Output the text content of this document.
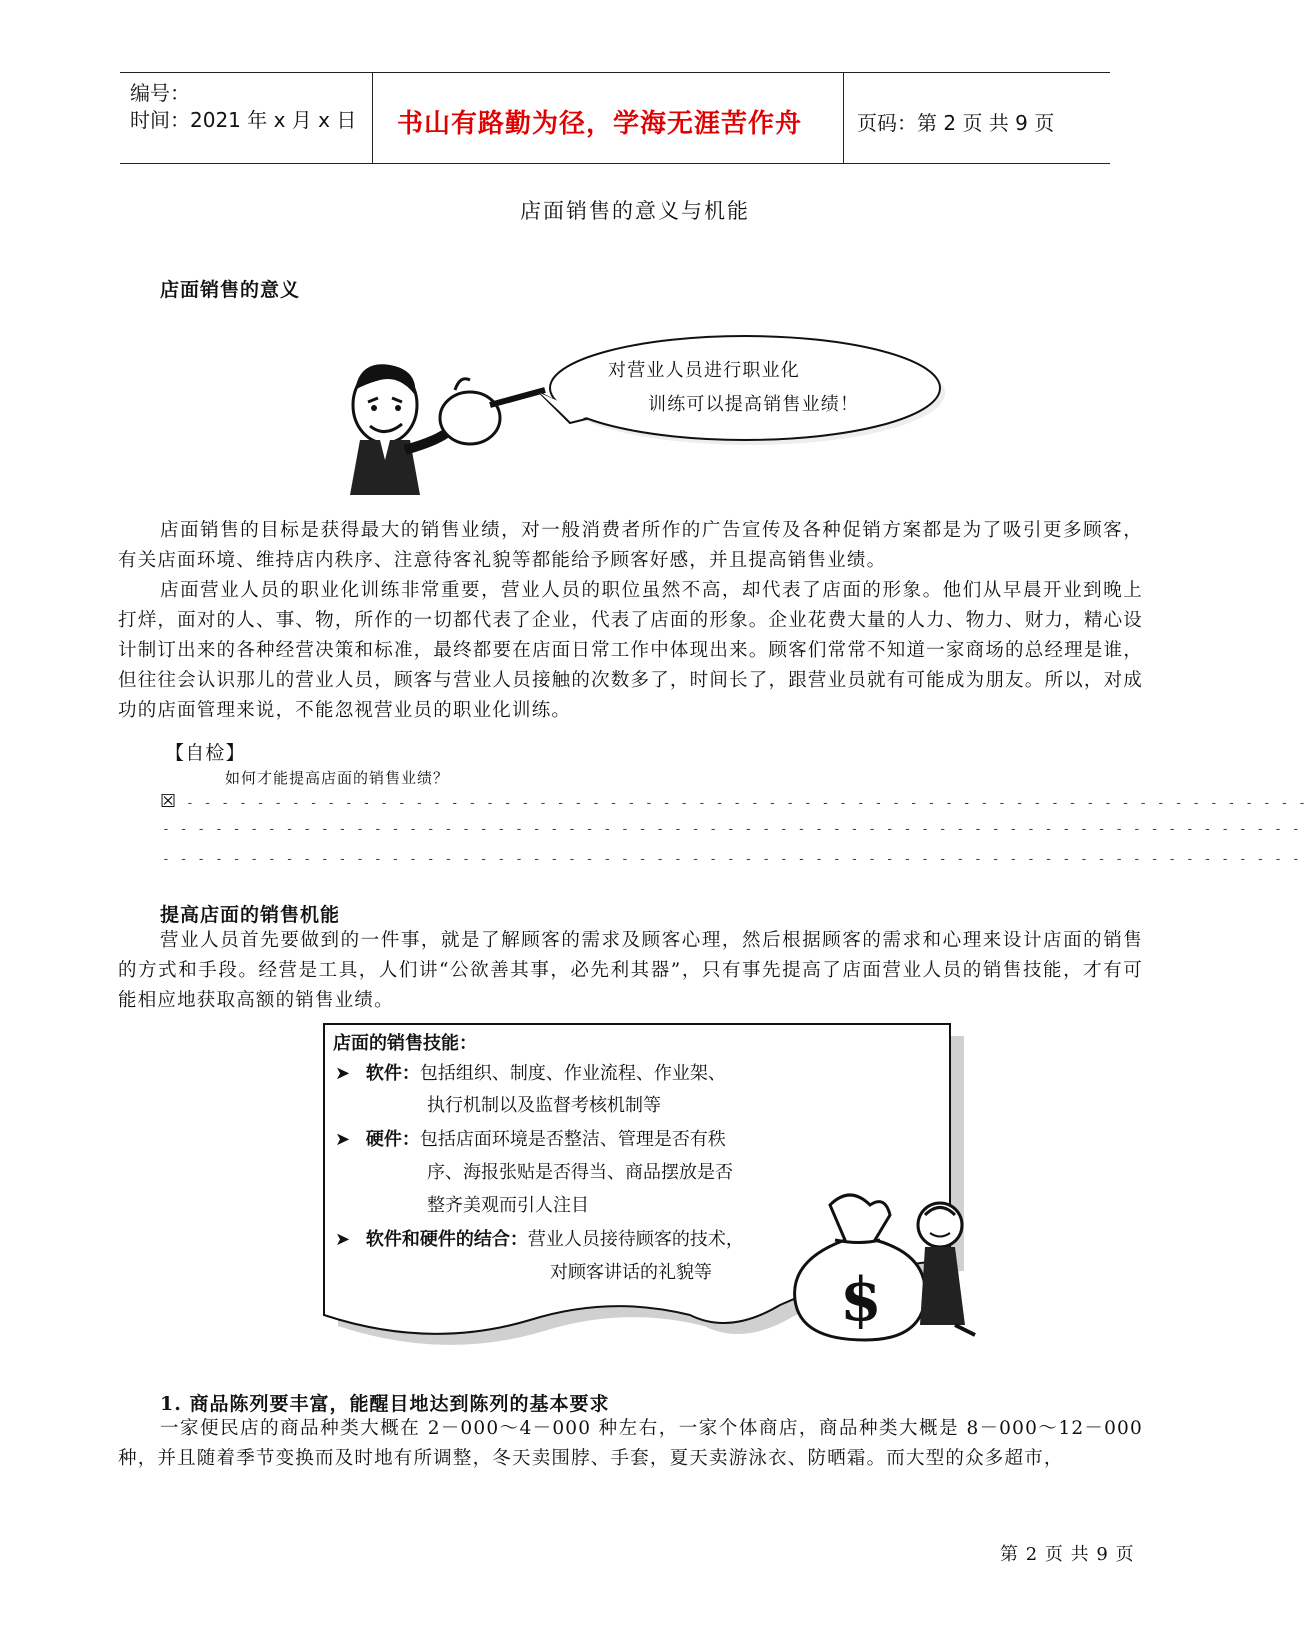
编号：
时间：2021 年 x 月 x 日 书山有路勤为径，学海无涯苦作舟	页码：第 2 页 共 9 页
店面销售的意义与机能
店面销售的意义
对营业人员进行职业化
训练可以提高销售业绩！
店面销售的目标是获得最大的销售业绩，对一般消费者所作的广告宣传及各种促销方案都是为了吸引更多顾客，有关店面环境、维持店内秩序、注意待客礼貌等都能给予顾客好感，并且提高销售业绩。
店面营业人员的职业化训练非常重要，营业人员的职位虽然不高，却代表了店面的形象。他们从早晨开业到晚上打烊，面对的人、事、物，所作的一切都代表了企业，代表了店面的形象。企业花费大量的人力、物力、财力，精心设计制订出来的各种经营决策和标准，最终都要在店面日常工作中体现出来。顾客们常常不知道一家商场的总经理是谁，但往往会认识那儿的营业人员，顾客与营业人员接触的次数多了，时间长了，跟营业员就有可能成为朋友。所以，对成功的店面管理来说，不能忽视营业员的职业化训练。
【自检】
如何才能提高店面的销售业绩？
☒ - - - - - - - - - - - - - - - - - - - - - - - - - - - - - - - - - - - - - - - - - - - - - - - - - - - - - - - - - - - - - - - -
- - - - - - - - - - - - - - - - - - - - - - - - - - - - - - - - - - - - - - - - - - - - - - - - - - - - - - - - - - - - - - - - -
- - - - - - - - - - - - - - - - - - - - - - - - - - - - - - - - - - - - - - - - - - - - - - - - - - - - - - - - - - - - - - - - -
提高店面的销售机能
营业人员首先要做到的一件事，就是了解顾客的需求及顾客心理，然后根据顾客的需求和心理来设计店面的销售的方式和手段。经营是工具，人们讲“公欲善其事，必先利其器”，只有事先提高了店面营业人员的销售技能，才有可能相应地获取高额的销售业绩。
店面的销售技能：
➤ 软件：包括组织、制度、作业流程、作业架、
执行机制以及监督考核机制等
➤ 硬件：包括店面环境是否整洁、管理是否有秩
序、海报张贴是否得当、商品摆放是否
整齐美观而引人注目
➤ 软件和硬件的结合：营业人员接待顾客的技术，
对顾客讲话的礼貌等 $
1. 商品陈列要丰富，能醒目地达到陈列的基本要求
一家便民店的商品种类大概在 2－000～4－000 种左右，一家个体商店，商品种类大概是 8－000～12－000 种，并且随着季节变换而及时地有所调整，冬天卖围脖、手套，夏天卖游泳衣、防晒霜。而大型的众多超市，
第 2 页 共 9 页
